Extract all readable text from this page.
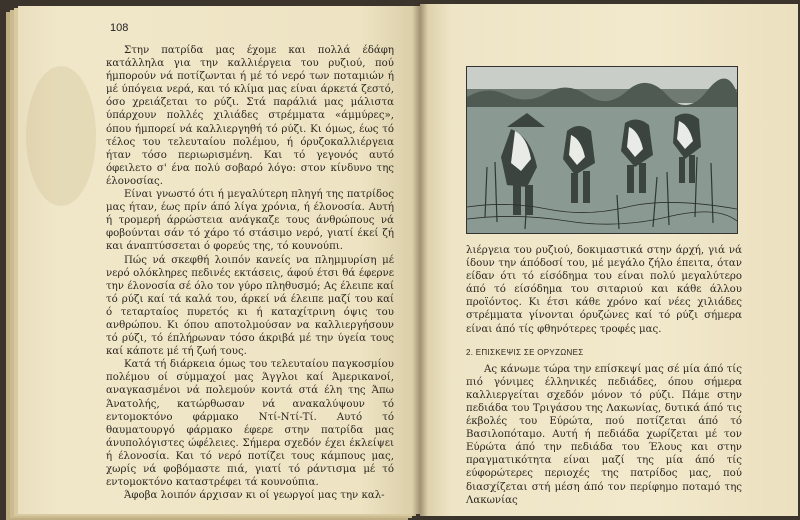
108

Στην πατρίδα μας έχομε και πολλά έδάφη κατάλληλα για την καλλιέργεια του ρυζιού, πού ήμπορούν νά ποτίζωνται ή μέ τό νερό των ποταμιών ή μέ ύπόγεια νερά, και τό κλίμα μας είναι άρκετά ζεστό, όσο χρειάζεται το ρύζι. Στά παράλιά μας μάλιστα ύπάρχουν πολλές χιλιάδες στρέμματα «άμμύρες», όπου ήμπορεί νά καλλιεργηθή τό ρύζι. Κι όμως, έως τό τέλος του τελευταίου πολέμου, ή όρυζοκαλλιέργεια ήταν τόσο περιωρισμένη. Και τό γεγονός αυτό όφειλετο σ' ένα πολύ σοβαρό λόγο: στον κίνδυνο της έλονοσίας.

Είναι γνωστό ότι ή μεγαλύτερη πληγή της πατρίδος μας ήταν, έως πρίν άπό λίγα χρόνια, ή έλονοσία. Αυτή ή τρομερή άρρώστεια ανάγκαζε τους άνθρώπους νά φοβούνται σάν τό χάρο τό στάσιμο νερό, γιατί έκεί ζή και άναπτύσσεται ό φορεύς της, τό κουνούπι.

Πώς νά σκεφθή λοιπόν κανείς να πλημμυρίση μέ νερό ολόκληρες πεδινές εκτάσεις, άφού έτσι θά έφερνε την έλονοσία σέ όλο τον γύρο πληθυσμό; Ας έλειπε καί τό ρύζι καί τά καλά του, άρκεί νά έλειπε μαζί του καί ό τεταρταίος πυρετός κι ή καταχίτρινη όψις του ανθρώπου. Κι όπου αποτολμούσαν να καλλιεργήσουν τό ρύζι, τό έπλήρωναν τόσο άκριβά μέ την ύγεία τους καί κάποτε μέ τή ζωή τους.

Κατά τή διάρκεια όμως του τελευταίου παγκοσμίου πολέμου οί σύμμαχοί μας Άγγλοι καί Άμερικανοί, αναγκασμένοι νά πολεμούν κοντά στά έλη της Άπω Άνατολής, κατώρθωσαν νά ανακαλύψουν τό εντομοκτόνο φάρμακο Ντί-Ντί-Τί. Αυτό τό θαυματουργό φάρμακο έφερε στην πατρίδα μας άνυπολόγιστες ώφέλειες. Σήμερα σχεδόν έχει έκλείψει ή έλονοσία. Και τό νερό ποτίζει τους κάμπους μας, χωρίς νά φοβόμαστε πιά, γιατί τό ράντισμα μέ τό εντομοκτόνο καταστρέφει τά κουνούπια.

Άφοβα λοιπόν άρχισαν κι οί γεωργοί μας την καλ-

λιέργεια του ρυζιού, δοκιμαστικά στην άρχή, γιά νά ίδουν την άπόδοσί του, μέ μεγάλο ζήλο έπειτα, όταν είδαν ότι τό είσόδημα του είναι πολύ μεγαλύτερο άπό τό είσόδημα του σιταριού και κάθε άλλου προϊόντος. Κι έτσι κάθε χρόνο καί νέες χιλιάδες στρέμματα γίνονται όρυζώνες καί τό ρύζι σήμερα είναι άπό τίς φθηνότερες τροφές μας.

2. ΕΠΙΣΚΕΨΙΣ ΣΕ ΟΡΥΖΩΝΕΣ

Ας κάνωμε τώρα την επίσκεψί μας σέ μία άπό τίς πιό γόνιμες έλληνικές πεδιάδες, όπου σήμερα καλλιεργείται σχεδόν μόνον τό ρύζι. Πάμε στην πεδιάδα του Τριγάσου της Λακωνίας, δυτικά άπό τις έκβολές του Εύρώτα, πού ποτίζεται άπό τό Βασιλοπόταμο. Αυτή ή πεδιάδα χωρίζεται μέ τον Εύρώτα άπό την πεδιάδα του Έλους και στην πραγματικότητα είναι μαζί της μία άπό τίς εύφορώτερες περιοχές της πατρίδος μας, πού διασχίζεται στή μέση άπό τον περίφημο ποταμό της Λακωνίας
